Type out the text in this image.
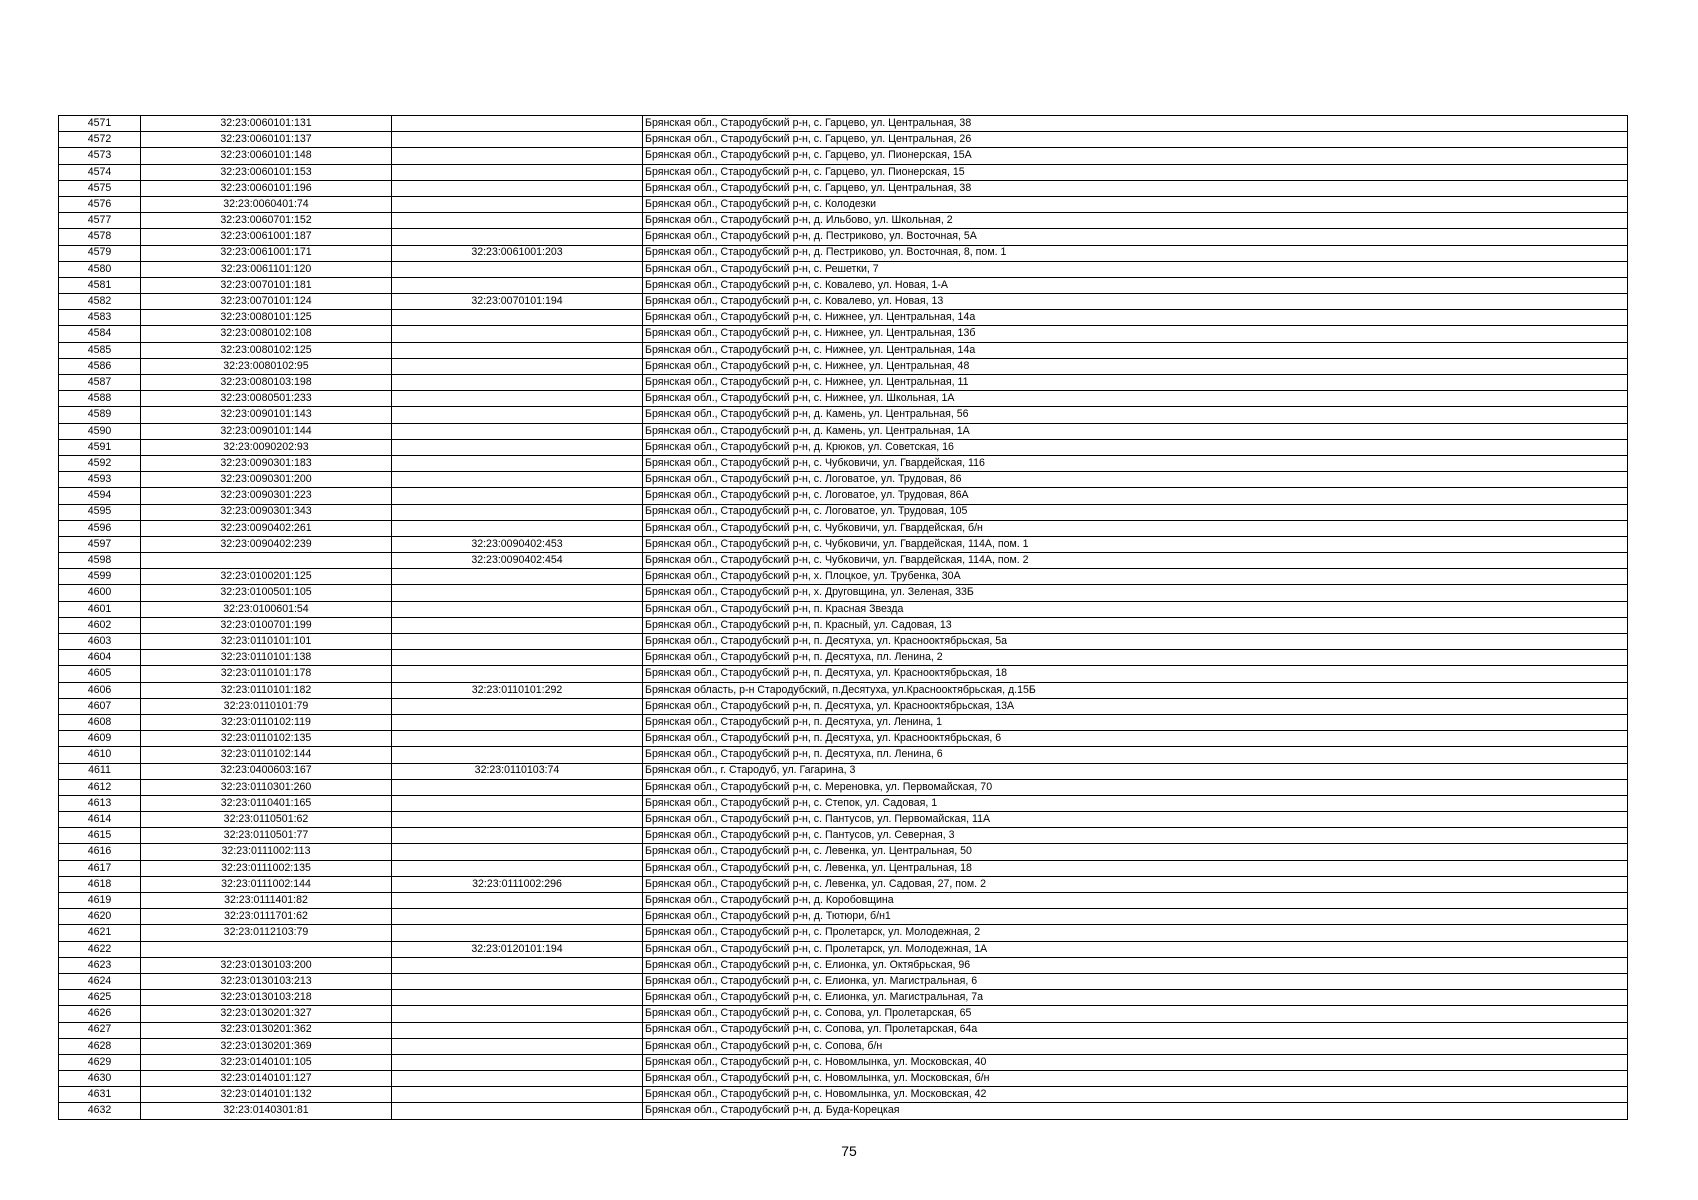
4571	32:23:0060101:131		Брянская обл., Стародубский р-н, с. Гарцево, ул. Центральная, 38
4572	32:23:0060101:137		Брянская обл., Стародубский р-н, с. Гарцево, ул. Центральная, 26
4573	32:23:0060101:148		Брянская обл., Стародубский р-н, с. Гарцево, ул. Пионерская, 15А
4574	32:23:0060101:153		Брянская обл., Стародубский р-н, с. Гарцево, ул. Пионерская, 15
4575	32:23:0060101:196		Брянская обл., Стародубский р-н, с. Гарцево, ул. Центральная, 38
4576	32:23:0060401:74		Брянская обл., Стародубский р-н, с. Колодезки
4577	32:23:0060701:152		Брянская обл., Стародубский р-н, д. Ильбово, ул. Школьная, 2
4578	32:23:0061001:187		Брянская обл., Стародубский р-н, д. Пестриково, ул. Восточная, 5А
4579	32:23:0061001:171	32:23:0061001:203	Брянская обл., Стародубский р-н, д. Пестриково, ул. Восточная, 8, пом. 1
4580	32:23:0061101:120		Брянская обл., Стародубский р-н, с. Решетки, 7
4581	32:23:0070101:181		Брянская обл., Стародубский р-н, с. Ковалево, ул. Новая, 1-А
4582	32:23:0070101:124	32:23:0070101:194	Брянская обл., Стародубский р-н, с. Ковалево, ул. Новая, 13
4583	32:23:0080101:125		Брянская обл., Стародубский р-н, с. Нижнее, ул. Центральная, 14а
4584	32:23:0080102:108		Брянская обл., Стародубский р-н, с. Нижнее, ул. Центральная, 13б
4585	32:23:0080102:125		Брянская обл., Стародубский р-н, с. Нижнее, ул. Центральная, 14а
4586	32:23:0080102:95		Брянская обл., Стародубский р-н, с. Нижнее, ул. Центральная, 48
4587	32:23:0080103:198		Брянская обл., Стародубский р-н, с. Нижнее, ул. Центральная, 11
4588	32:23:0080501:233		Брянская обл., Стародубский р-н, с. Нижнее, ул. Школьная, 1А
4589	32:23:0090101:143		Брянская обл., Стародубский р-н, д. Камень, ул. Центральная, 56
4590	32:23:0090101:144		Брянская обл., Стародубский р-н, д. Камень, ул. Центральная, 1А
4591	32:23:0090202:93		Брянская обл., Стародубский р-н, д. Крюков, ул. Советская, 16
4592	32:23:0090301:183		Брянская обл., Стародубский р-н, с. Чубковичи, ул. Гвардейская, 116
4593	32:23:0090301:200		Брянская обл., Стародубский р-н, с. Логоватое, ул. Трудовая, 86
4594	32:23:0090301:223		Брянская обл., Стародубский р-н, с. Логоватое, ул. Трудовая, 86А
4595	32:23:0090301:343		Брянская обл., Стародубский р-н, с. Логоватое, ул. Трудовая, 105
4596	32:23:0090402:261		Брянская обл., Стародубский р-н, с. Чубковичи, ул. Гвардейская, б/н
4597	32:23:0090402:239	32:23:0090402:453	Брянская обл., Стародубский р-н, с. Чубковичи, ул. Гвардейская, 114А, пом. 1
4598		32:23:0090402:454	Брянская обл., Стародубский р-н, с. Чубковичи, ул. Гвардейская, 114А, пом. 2
4599	32:23:0100201:125		Брянская обл., Стародубский р-н, х. Плоцкое, ул. Трубенка, 30А
4600	32:23:0100501:105		Брянская обл., Стародубский р-н, х. Друговщина, ул. Зеленая, 33Б
4601	32:23:0100601:54		Брянская обл., Стародубский р-н, п. Красная Звезда
4602	32:23:0100701:199		Брянская обл., Стародубский р-н, п. Красный, ул. Садовая, 13
4603	32:23:0110101:101		Брянская обл., Стародубский р-н, п. Десятуха, ул. Краснооктябрьская, 5а
4604	32:23:0110101:138		Брянская обл., Стародубский р-н, п. Десятуха, пл. Ленина, 2
4605	32:23:0110101:178		Брянская обл., Стародубский р-н, п. Десятуха, ул. Краснооктябрьская, 18
4606	32:23:0110101:182	32:23:0110101:292	Брянская область, р-н Стародубский, п.Десятуха, ул.Краснооктябрьская, д.15Б
4607	32:23:0110101:79		Брянская обл., Стародубский р-н, п. Десятуха, ул. Краснооктябрьская, 13А
4608	32:23:0110102:119		Брянская обл., Стародубский р-н, п. Десятуха, ул. Ленина, 1
4609	32:23:0110102:135		Брянская обл., Стародубский р-н, п. Десятуха, ул. Краснооктябрьская, 6
4610	32:23:0110102:144		Брянская обл., Стародубский р-н, п. Десятуха, пл. Ленина, 6
4611	32:23:0400603:167	32:23:0110103:74	Брянская обл., г. Стародуб, ул. Гагарина, 3
4612	32:23:0110301:260		Брянская обл., Стародубский р-н, с. Мереновка, ул. Первомайская, 70
4613	32:23:0110401:165		Брянская обл., Стародубский р-н, с. Степок, ул. Садовая, 1
4614	32:23:0110501:62		Брянская обл., Стародубский р-н, с. Пантусов, ул. Первомайская, 11А
4615	32:23:0110501:77		Брянская обл., Стародубский р-н, с. Пантусов, ул. Северная, 3
4616	32:23:0111002:113		Брянская обл., Стародубский р-н, с. Левенка, ул. Центральная, 50
4617	32:23:0111002:135		Брянская обл., Стародубский р-н, с. Левенка, ул. Центральная, 18
4618	32:23:0111002:144	32:23:0111002:296	Брянская обл., Стародубский р-н, с. Левенка, ул. Садовая, 27, пом. 2
4619	32:23:0111401:82		Брянская обл., Стародубский р-н, д. Коробовщина
4620	32:23:0111701:62		Брянская обл., Стародубский р-н, д. Тютюри, б/н1
4621	32:23:0112103:79		Брянская обл., Стародубский р-н, с. Пролетарск, ул. Молодежная, 2
4622		32:23:0120101:194	Брянская обл., Стародубский р-н, с. Пролетарск, ул. Молодежная, 1А
4623	32:23:0130103:200		Брянская обл., Стародубский р-н, с. Елионка, ул. Октябрьская, 96
4624	32:23:0130103:213		Брянская обл., Стародубский р-н, с. Елионка, ул. Магистральная, 6
4625	32:23:0130103:218		Брянская обл., Стародубский р-н, с. Елионка, ул. Магистральная, 7а
4626	32:23:0130201:327		Брянская обл., Стародубский р-н, с. Сопова, ул. Пролетарская, 65
4627	32:23:0130201:362		Брянская обл., Стародубский р-н, с. Сопова, ул. Пролетарская, 64а
4628	32:23:0130201:369		Брянская обл., Стародубский р-н, с. Сопова, б/н
4629	32:23:0140101:105		Брянская обл., Стародубский р-н, с. Новомлынка, ул. Московская, 40
4630	32:23:0140101:127		Брянская обл., Стародубский р-н, с. Новомлынка, ул. Московская, б/н
4631	32:23:0140101:132		Брянская обл., Стародубский р-н, с. Новомлынка, ул. Московская, 42
4632	32:23:0140301:81		Брянская обл., Стародубский р-н, д. Буда-Корецкая
75
